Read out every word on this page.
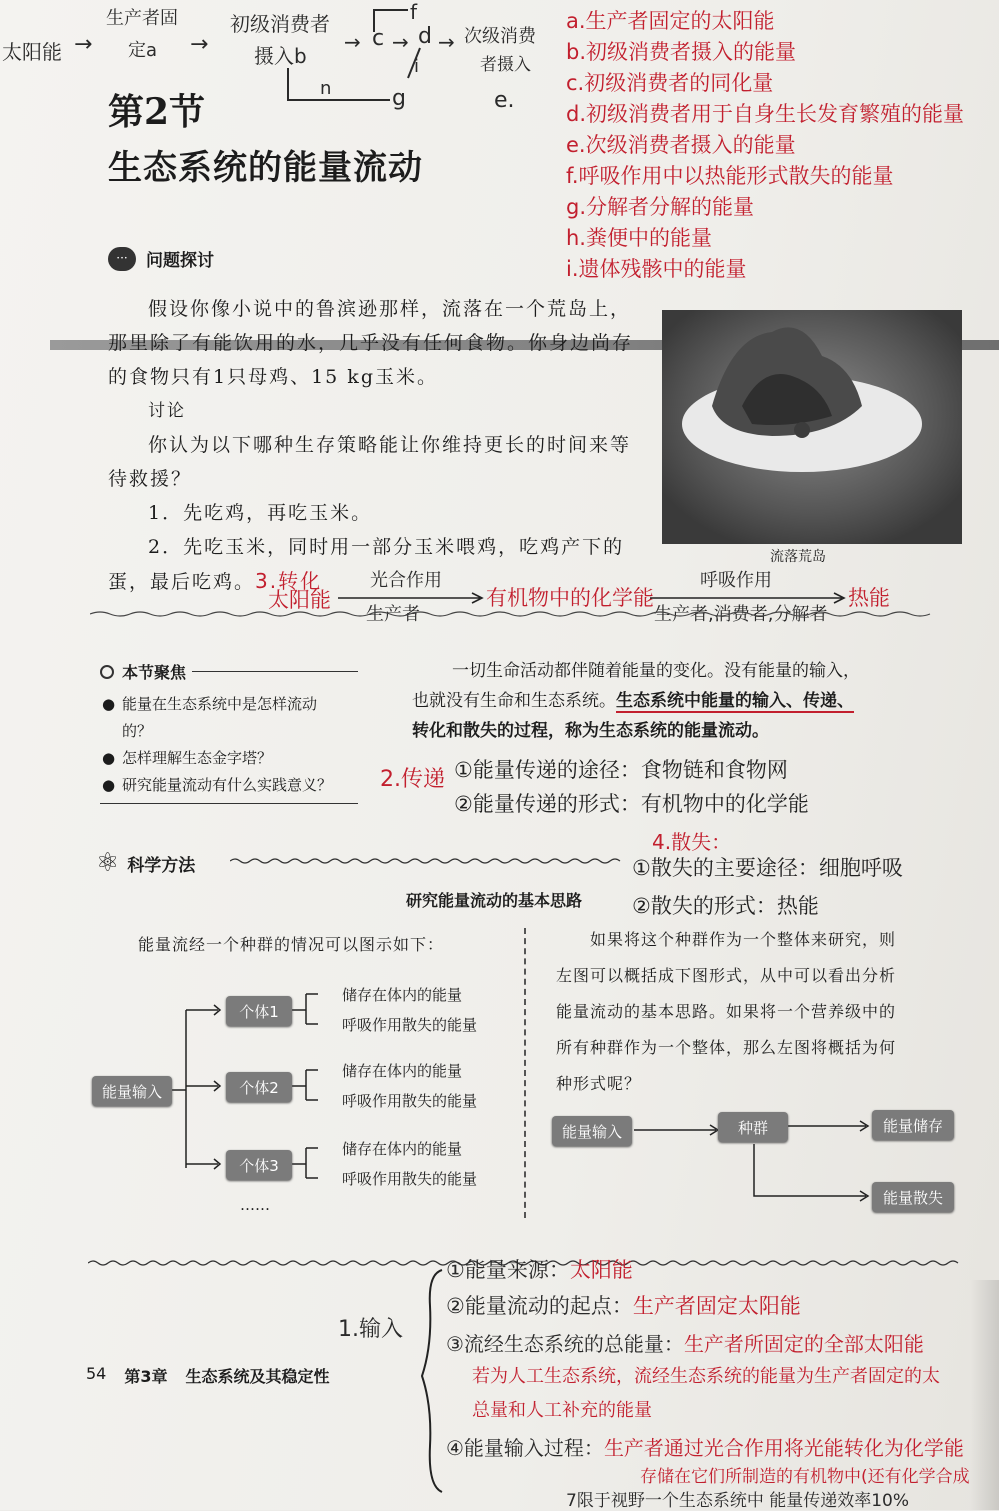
太阳能 →
生产者固
定a →
初级消费者
摄入b
→ c → d → 次级消费
者摄入
f
i
n	g	e.
第2节
生态系统的能量流动
a.生产者固定的太阳能
b.初级消费者摄入的能量
c.初级消费者的同化量
d.初级消费者用于自身生长发育繁殖的能量
e.次级消费者摄入的能量
f.呼吸作用中以热能形式散失的能量
g.分解者分解的能量
h.粪便中的能量
i.遗体残骸中的能量
···	问题探讨
假设你像小说中的鲁滨逊那样，流落在一个荒岛上，
那里除了有能饮用的水，几乎没有任何食物。你身边尚存
的食物只有1只母鸡、15 kg玉米。
讨论
你认为以下哪种生存策略能让你维持更长的时间来等
待救援？
1．先吃鸡，再吃玉米。
2．先吃玉米，同时用一部分玉米喂鸡，吃鸡产下的
蛋，最后吃鸡。3.转化
流落荒岛
太阳能
光合作用
生产者
有机物中的化学能
呼吸作用
生产者,消费者,分解者
热能
本节聚焦
● 能量在生态系统中是怎样流动
的？
● 怎样理解生态金字塔？
● 研究能量流动有什么实践意义？
一切生命活动都伴随着能量的变化。没有能量的输入，
也就没有生命和生态系统。生态系统中能量的输入、传递、
转化和散失的过程，称为生态系统的能量流动。
2.传递 ①能量传递的途径：食物链和食物网
②能量传递的形式：有机物中的化学能
4.散失：
①散失的主要途径：细胞呼吸
②散失的形式：热能
⚛ 科学方法
研究能量流动的基本思路
能量流经一个种群的情况可以图示如下：
能量输入
个体1
个体2
个体3
储存在体内的能量
呼吸作用散失的能量
储存在体内的能量
呼吸作用散失的能量
储存在体内的能量
呼吸作用散失的能量
……
如果将这个种群作为一个整体来研究，则
左图可以概括成下图形式，从中可以看出分析
能量流动的基本思路。如果将一个营养级中的
所有种群作为一个整体，那么左图将概括为何
种形式呢？
能量输入	种群	能量储存
能量散失
1.输入
①能量来源：太阳能
②能量流动的起点：生产者固定太阳能
③流经生态系统的总能量：生产者所固定的全部太阳能
若为人工生态系统，流经生态系统的能量为生产者固定的太
总量和人工补充的能量
④能量输入过程：生产者通过光合作用将光能转化为化学能
存储在它们所制造的有机物中(还有化学合成
7限于视野一个生态系统中 能量传递效率10%
54 第3章 生态系统及其稳定性
